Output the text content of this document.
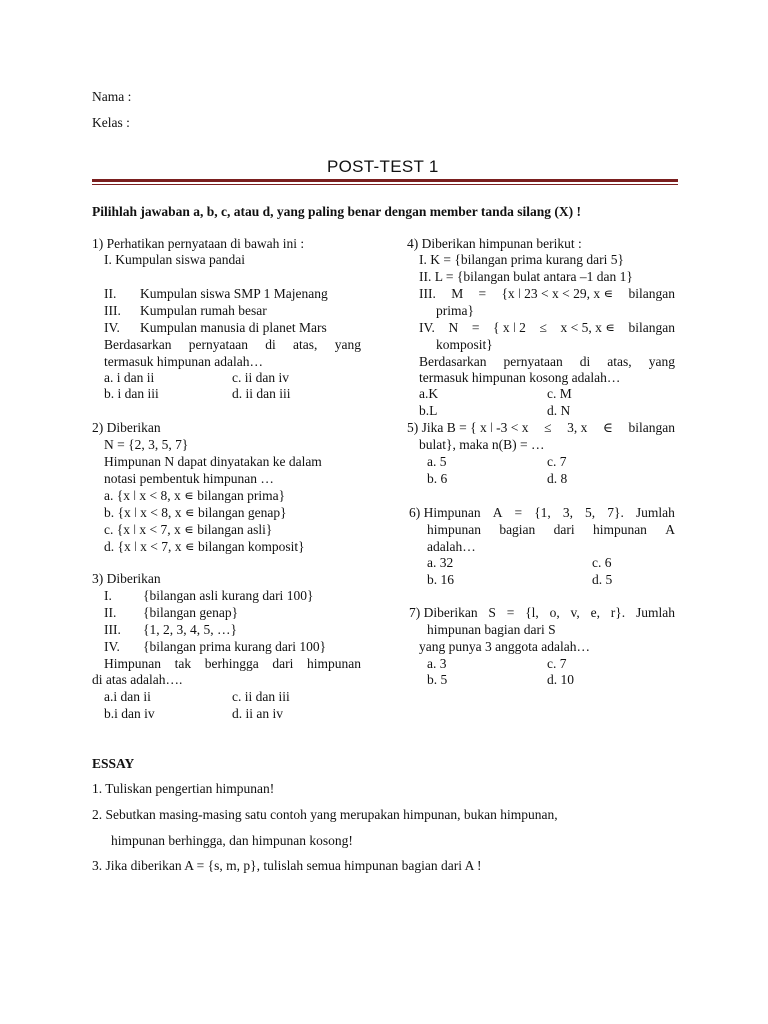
Nama :
Kelas :
POST-TEST 1
Pilihlah jawaban a, b, c, atau d, yang paling benar dengan member tanda silang (X) !
1) Perhatikan pernyataan di bawah ini :
I. Kumpulan siswa pandai
II. Kumpulan siswa SMP 1 Majenang
III. Kumpulan rumah besar
IV. Kumpulan manusia di planet Mars
Berdasarkan pernyataan di atas, yang
termasuk himpunan adalah…
a. i dan ii	c. ii dan iv
b. i dan iii	d. ii dan iii
2) Diberikan
N = {2, 3, 5, 7}
Himpunan N dapat dinyatakan ke dalam
notasi pembentuk himpunan …
a. {x ǀ x < 8, x ∊ bilangan prima}
b. {x ǀ x < 8, x ∊ bilangan genap}
c. {x ǀ x < 7, x ∊ bilangan asli}
d. {x ǀ x < 7, x ∊ bilangan komposit}
3) Diberikan
I. {bilangan asli kurang dari 100}
II. {bilangan genap}
III. {1, 2, 3, 4, 5, …}
IV. {bilangan prima kurang dari 100}
Himpunan tak berhingga dari himpunan
di atas adalah….
a.i dan ii	c. ii dan iii
b.i dan iv	d. ii an iv
4) Diberikan himpunan berikut :
I. K = {bilangan prima kurang dari 5}
II. L = {bilangan bulat antara –1 dan 1}
III. M = {x ǀ 23 < x < 29, x ∊ bilangan
prima}
IV. N = { x ǀ 2 ≤ x < 5, x ∊ bilangan
komposit}
Berdasarkan pernyataan di atas, yang
termasuk himpunan kosong adalah…
a.K	c. M
b.L	d. N
5) Jika B = { x ǀ -3 < x ≤ 3, x ∈ bilangan
bulat}, maka n(B) = …
a. 5	c. 7
b. 6	d. 8
6) Himpunan A = {1, 3, 5, 7}. Jumlah
himpunan bagian dari himpunan A
adalah…
a. 32	c. 6
b. 16	d. 5
7) Diberikan S = {l, o, v, e, r}. Jumlah
himpunan bagian dari S
yang punya 3 anggota adalah…
a. 3	c. 7
b. 5	d. 10
ESSAY
1. Tuliskan pengertian himpunan!
2. Sebutkan masing-masing satu contoh yang merupakan himpunan, bukan himpunan,
himpunan berhingga, dan himpunan kosong!
3. Jika diberikan A = {s, m, p}, tulislah semua himpunan bagian dari A !
